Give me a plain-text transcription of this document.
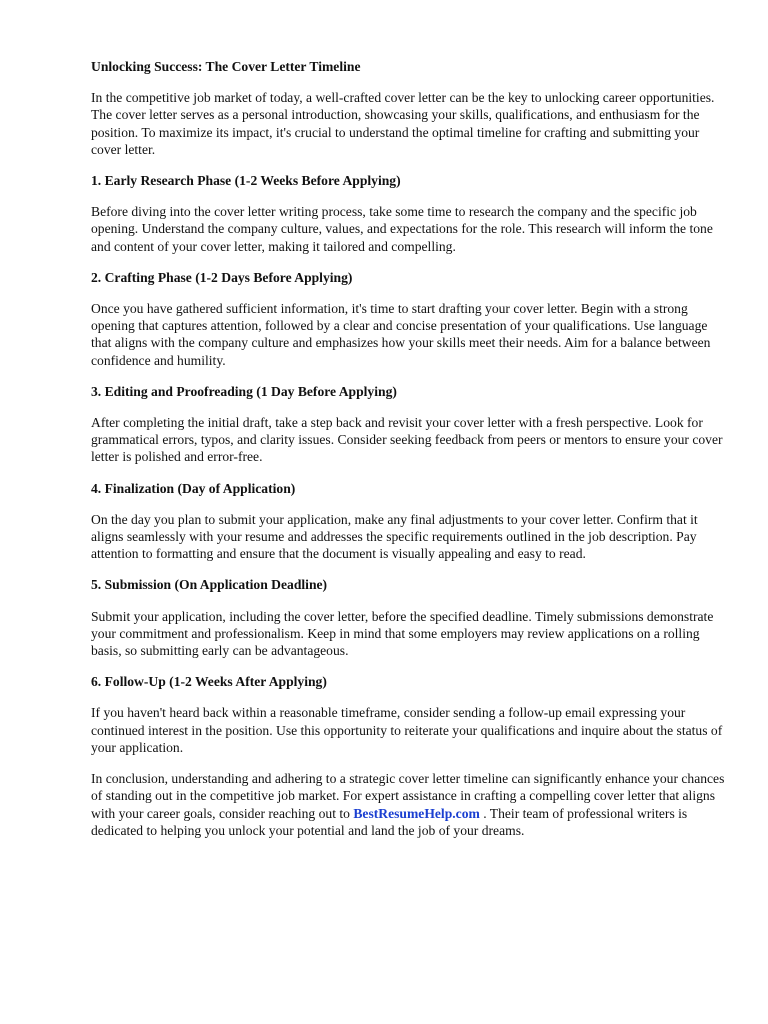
Unlocking Success: The Cover Letter Timeline

In the competitive job market of today, a well-crafted cover letter can be the key to unlocking career opportunities. The cover letter serves as a personal introduction, showcasing your skills, qualifications, and enthusiasm for the position. To maximize its impact, it's crucial to understand the optimal timeline for crafting and submitting your cover letter.

1. Early Research Phase (1-2 Weeks Before Applying)

Before diving into the cover letter writing process, take some time to research the company and the specific job opening. Understand the company culture, values, and expectations for the role. This research will inform the tone and content of your cover letter, making it tailored and compelling.

2. Crafting Phase (1-2 Days Before Applying)

Once you have gathered sufficient information, it's time to start drafting your cover letter. Begin with a strong opening that captures attention, followed by a clear and concise presentation of your qualifications. Use language that aligns with the company culture and emphasizes how your skills meet their needs. Aim for a balance between confidence and humility.

3. Editing and Proofreading (1 Day Before Applying)

After completing the initial draft, take a step back and revisit your cover letter with a fresh perspective. Look for grammatical errors, typos, and clarity issues. Consider seeking feedback from peers or mentors to ensure your cover letter is polished and error-free.

4. Finalization (Day of Application)

On the day you plan to submit your application, make any final adjustments to your cover letter. Confirm that it aligns seamlessly with your resume and addresses the specific requirements outlined in the job description. Pay attention to formatting and ensure that the document is visually appealing and easy to read.

5. Submission (On Application Deadline)

Submit your application, including the cover letter, before the specified deadline. Timely submissions demonstrate your commitment and professionalism. Keep in mind that some employers may review applications on a rolling basis, so submitting early can be advantageous.

6. Follow-Up (1-2 Weeks After Applying)

If you haven't heard back within a reasonable timeframe, consider sending a follow-up email expressing your continued interest in the position. Use this opportunity to reiterate your qualifications and inquire about the status of your application.

In conclusion, understanding and adhering to a strategic cover letter timeline can significantly enhance your chances of standing out in the competitive job market. For expert assistance in crafting a compelling cover letter that aligns with your career goals, consider reaching out to BestResumeHelp.com . Their team of professional writers is dedicated to helping you unlock your potential and land the job of your dreams.
